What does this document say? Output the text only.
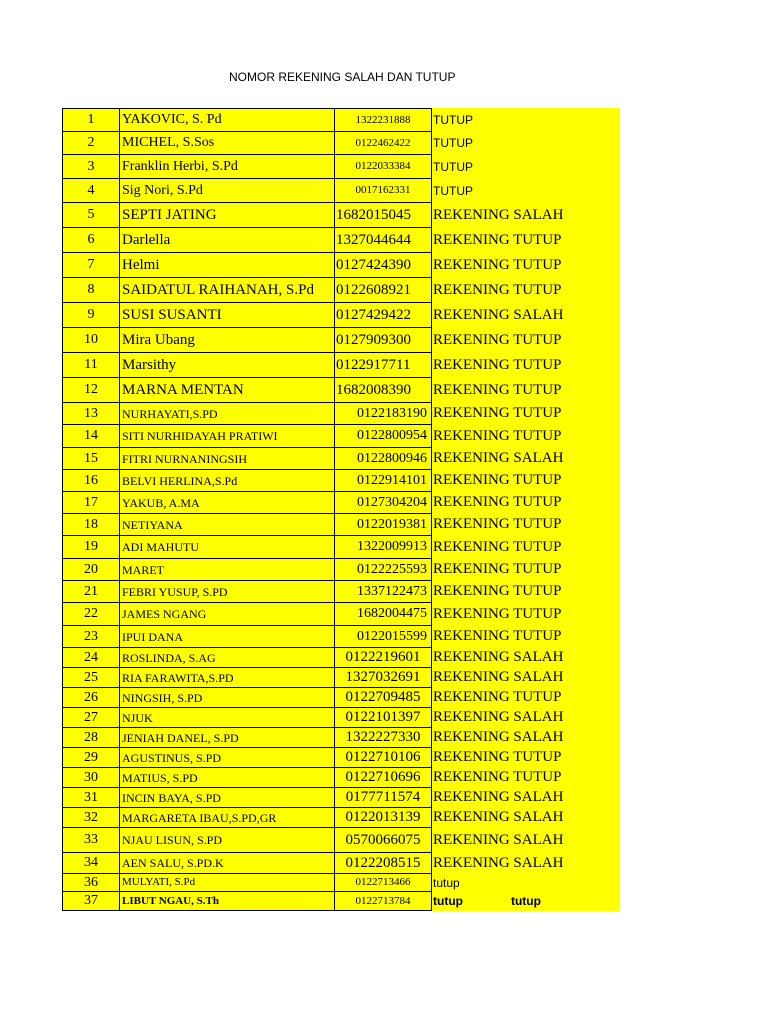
NOMOR REKENING SALAH DAN TUTUP
1	YAKOVIC, S. Pd	1322231888	TUTUP
2	MICHEL, S.Sos	0122462422	TUTUP
3	Franklin Herbi, S.Pd	0122033384	TUTUP
4	Sig Nori, S.Pd	0017162331	TUTUP
5	SEPTI JATING	1682015045	REKENING SALAH
6	Darlella	1327044644	REKENING TUTUP
7	Helmi	0127424390	REKENING TUTUP
8	SAIDATUL RAIHANAH, S.Pd	0122608921	REKENING TUTUP
9	SUSI SUSANTI	0127429422	REKENING SALAH
10	Mira Ubang	0127909300	REKENING TUTUP
11	Marsithy	0122917711	REKENING TUTUP
12	MARNA MENTAN	1682008390	REKENING TUTUP
13	NURHAYATI,S.PD	0122183190	REKENING TUTUP
14	SITI NURHIDAYAH PRATIWI	0122800954	REKENING TUTUP
15	FITRI NURNANINGSIH	0122800946	REKENING SALAH
16	BELVI HERLINA,S.Pd	0122914101	REKENING TUTUP
17	YAKUB, A.MA	0127304204	REKENING TUTUP
18	NETIYANA	0122019381	REKENING TUTUP
19	ADI MAHUTU	1322009913	REKENING TUTUP
20	MARET	0122225593	REKENING TUTUP
21	FEBRI YUSUP, S.PD	1337122473	REKENING TUTUP
22	JAMES NGANG	1682004475	REKENING TUTUP
23	IPUI DANA	0122015599	REKENING TUTUP
24	ROSLINDA, S.AG	0122219601	REKENING SALAH
25	RIA FARAWITA,S.PD	1327032691	REKENING SALAH
26	NINGSIH, S.PD	0122709485	REKENING TUTUP
27	NJUK	0122101397	REKENING SALAH
28	JENIAH DANEL, S.PD	1322227330	REKENING SALAH
29	AGUSTINUS, S.PD	0122710106	REKENING TUTUP
30	MATIUS, S.PD	0122710696	REKENING TUTUP
31	INCIN BAYA, S.PD	0177711574	REKENING SALAH
32	MARGARETA IBAU,S.PD,GR	0122013139	REKENING SALAH
33	NJAU LISUN, S.PD	0570066075	REKENING SALAH
34	AEN SALU, S.PD.K	0122208515	REKENING SALAH
36	MULYATI, S.Pd	0122713466	tutup
37	LIBUT NGAU, S.Th	0122713784	tutup tutup
